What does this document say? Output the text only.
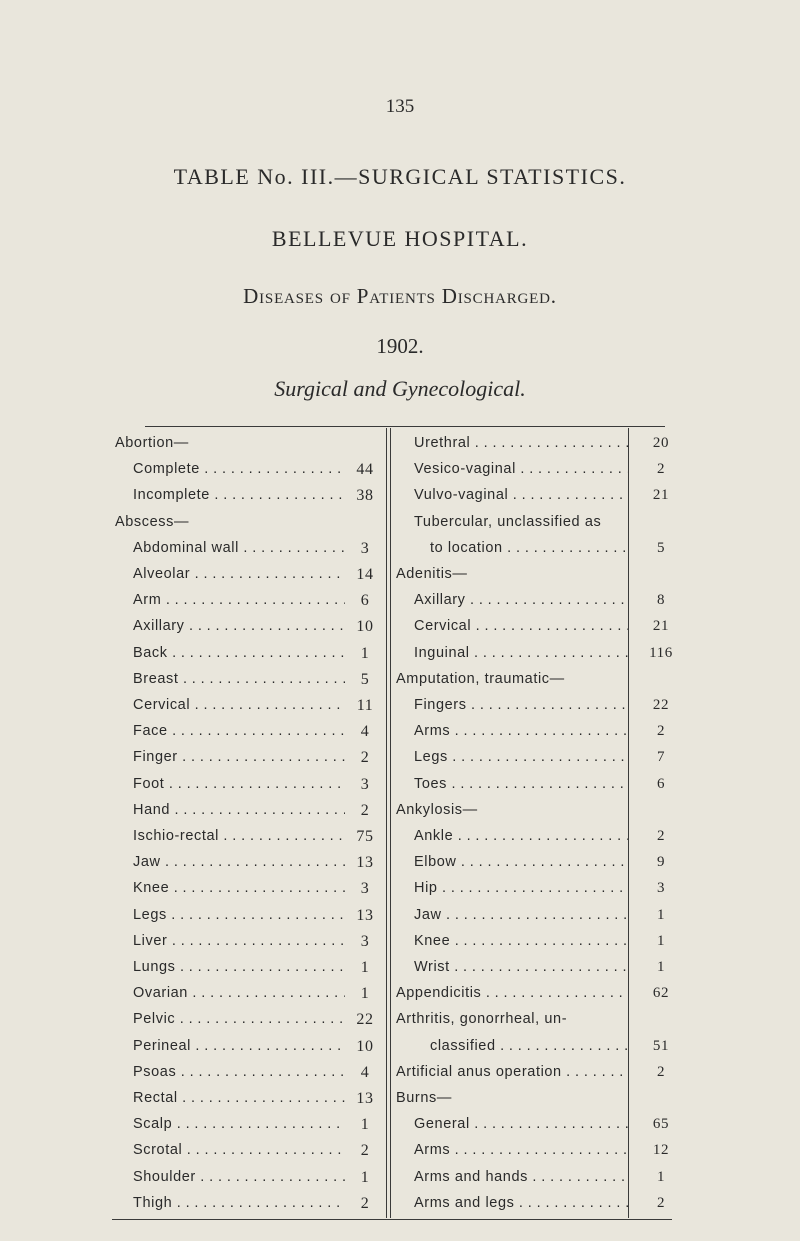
135
TABLE No. III.—SURGICAL STATISTICS.
BELLEVUE HOSPITAL.
Diseases of Patients Discharged.
1902.
Surgical and Gynecological.
Abortion—
Complete . . .	44
Incomplete . . .	38
Abscess—
Abdominal wall . . .	3
Alveolar . . .	14
Arm . . .	6
Axillary . . .	10
Back . . .	1
Breast . . .	5
Cervical . . .	11
Face . . .	4
Finger . . .	2
Foot . . .	3
Hand . . .	2
Ischio-rectal . . .	75
Jaw . . .	13
Knee . . .	3
Legs . . .	13
Liver . . .	3
Lungs . . .	1
Ovarian . . .	1
Pelvic . . .	22
Perineal . . .	10
Psoas . . .	4
Rectal . . .	13
Scalp . . .	1
Scrotal . . .	2
Shoulder . . .	1
Thigh . . .	2
Urethral . . .	20
Vesico-vaginal . . .	2
Vulvo-vaginal . . .	21
Tubercular, unclassified as
to location . . .	5
Adenitis—
Axillary . . .	8
Cervical . . .	21
Inguinal . . .	116
Amputation, traumatic—
Fingers . . .	22
Arms . . .	2
Legs . . .	7
Toes . . .	6
Ankylosis—
Ankle . . .	2
Elbow . . .	9
Hip . . .	3
Jaw . . .	1
Knee . . .	1
Wrist . . .	1
Appendicitis . . .	62
Arthritis, gonorrheal, un-
classified . . .	51
Artificial anus operation . . .	2
Burns—
General . . .	65
Arms . . .	12
Arms and hands . . .	1
Arms and legs . . .	2
